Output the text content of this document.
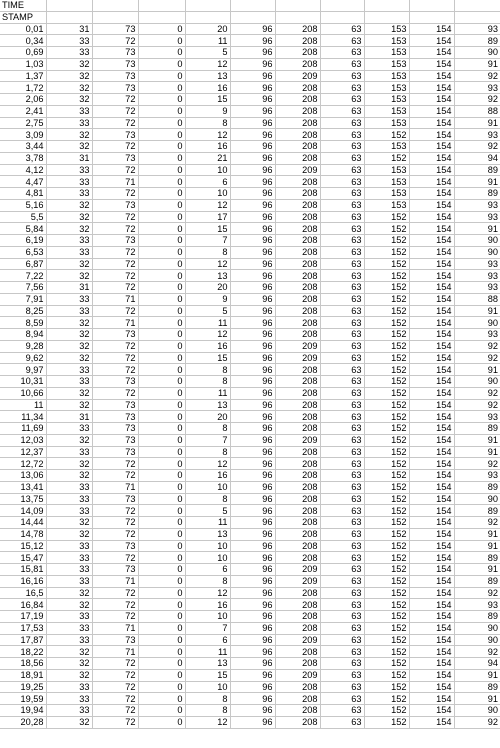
TIME										
STAMP										
0,01	31	73	0	20	96	208	63	153	154	93
0,34	33	72	0	11	96	208	63	153	154	89
0,69	33	73	0	5	96	208	63	153	154	90
1,03	32	73	0	12	96	208	63	153	154	91
1,37	32	73	0	13	96	209	63	153	154	92
1,72	32	73	0	16	96	208	63	153	154	93
2,06	32	72	0	15	96	208	63	153	154	92
2,41	33	72	0	9	96	208	63	153	154	88
2,75	33	72	0	8	96	208	63	153	154	91
3,09	32	73	0	12	96	208	63	152	154	93
3,44	32	72	0	16	96	208	63	153	154	92
3,78	31	73	0	21	96	208	63	152	154	94
4,12	33	72	0	10	96	209	63	153	154	89
4,47	33	71	0	6	96	208	63	153	154	91
4,81	33	72	0	10	96	208	63	153	154	89
5,16	32	73	0	12	96	208	63	153	154	93
5,5	32	72	0	17	96	208	63	152	154	93
5,84	32	72	0	15	96	208	63	152	154	91
6,19	33	73	0	7	96	208	63	152	154	90
6,53	33	72	0	8	96	208	63	152	154	90
6,87	32	72	0	12	96	208	63	152	154	93
7,22	32	72	0	13	96	208	63	152	154	93
7,56	31	72	0	20	96	208	63	152	154	93
7,91	33	71	0	9	96	208	63	152	154	88
8,25	33	72	0	5	96	208	63	152	154	91
8,59	32	71	0	11	96	208	63	152	154	90
8,94	32	73	0	12	96	208	63	152	154	93
9,28	32	72	0	16	96	209	63	152	154	92
9,62	32	72	0	15	96	209	63	152	154	92
9,97	33	72	0	8	96	208	63	152	154	91
10,31	33	73	0	8	96	208	63	152	154	90
10,66	32	72	0	11	96	208	63	152	154	92
11	32	73	0	13	96	208	63	152	154	92
11,34	31	73	0	20	96	208	63	152	154	93
11,69	33	73	0	8	96	208	63	152	154	89
12,03	32	73	0	7	96	209	63	152	154	91
12,37	33	73	0	8	96	208	63	152	154	91
12,72	32	72	0	12	96	208	63	152	154	92
13,06	32	72	0	16	96	208	63	152	154	93
13,41	33	71	0	10	96	208	63	152	154	89
13,75	33	73	0	8	96	208	63	152	154	90
14,09	33	72	0	5	96	208	63	152	154	89
14,44	32	72	0	11	96	208	63	152	154	92
14,78	32	72	0	13	96	208	63	152	154	91
15,12	33	73	0	10	96	208	63	152	154	91
15,47	33	72	0	10	96	208	63	152	154	89
15,81	33	73	0	6	96	209	63	152	154	91
16,16	33	71	0	8	96	209	63	152	154	89
16,5	32	72	0	12	96	208	63	152	154	92
16,84	32	72	0	16	96	208	63	152	154	93
17,19	33	72	0	10	96	208	63	152	154	89
17,53	33	71	0	7	96	208	63	152	154	90
17,87	33	73	0	6	96	209	63	152	154	90
18,22	32	71	0	11	96	208	63	152	154	92
18,56	32	72	0	13	96	208	63	152	154	94
18,91	32	72	0	15	96	209	63	152	154	91
19,25	33	72	0	10	96	208	63	152	154	89
19,59	33	72	0	8	96	208	63	152	154	91
19,94	33	72	0	8	96	208	63	152	154	90
20,28	32	72	0	12	96	208	63	152	154	92
